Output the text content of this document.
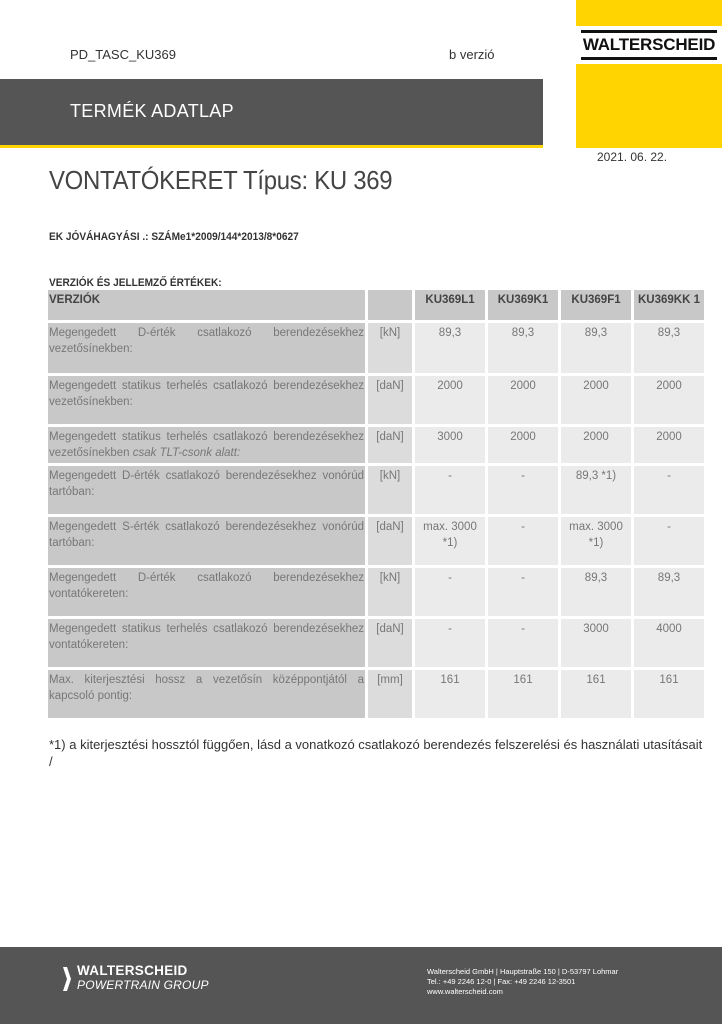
WALTERSCHEID
PD_TASC_KU369	b verzió
TERMÉK ADATLAP
2021. 06. 22.
VONTATÓKERET Típus: KU 369
EK JÓVÁHAGYÁSI .: SZÁMe1*2009/144*2013/8*0627
VERZIÓK ÉS JELLEMZŐ ÉRTÉKEK:
VERZIÓK		KU369L1	KU369K1	KU369F1	KU369KK 1
Megengedett D-érték csatlakozó berendezésekhez vezetősínekben:	[kN]	89,3	89,3	89,3	89,3
Megengedett statikus terhelés csatlakozó berendezésekhez vezetősínekben:	[daN]	2000	2000	2000	2000
Megengedett statikus terhelés csatlakozó berendezésekhez vezetősínekben csak TLT-csonk alatt:	[daN]	3000	2000	2000	2000
Megengedett D-érték csatlakozó berendezésekhez vonórúd tartóban:	[kN]	-	-	89,3 *1)	-
Megengedett S-érték csatlakozó berendezésekhez vonórúd tartóban:	[daN]	max. 3000 *1)	-	max. 3000 *1)	-
Megengedett D-érték csatlakozó berendezésekhez vontatókereten:	[kN]	-	-	89,3	89,3
Megengedett statikus terhelés csatlakozó berendezésekhez vontatókereten:	[daN]	-	-	3000	4000
Max. kiterjesztési hossz a vezetősín középpontjától a kapcsoló pontig:	[mm]	161	161	161	161
*1) a kiterjesztési hossztól függően, lásd a vonatkozó csatlakozó berendezés felszerelési és használati utasításait /
WALTERSCHEID
POWERTRAIN GROUP
Walterscheid GmbH | Hauptstraße 150 | D-53797 Lohmar
Tel.: +49 2246 12-0 | Fax: +49 2246 12-3501
www.walterscheid.com
